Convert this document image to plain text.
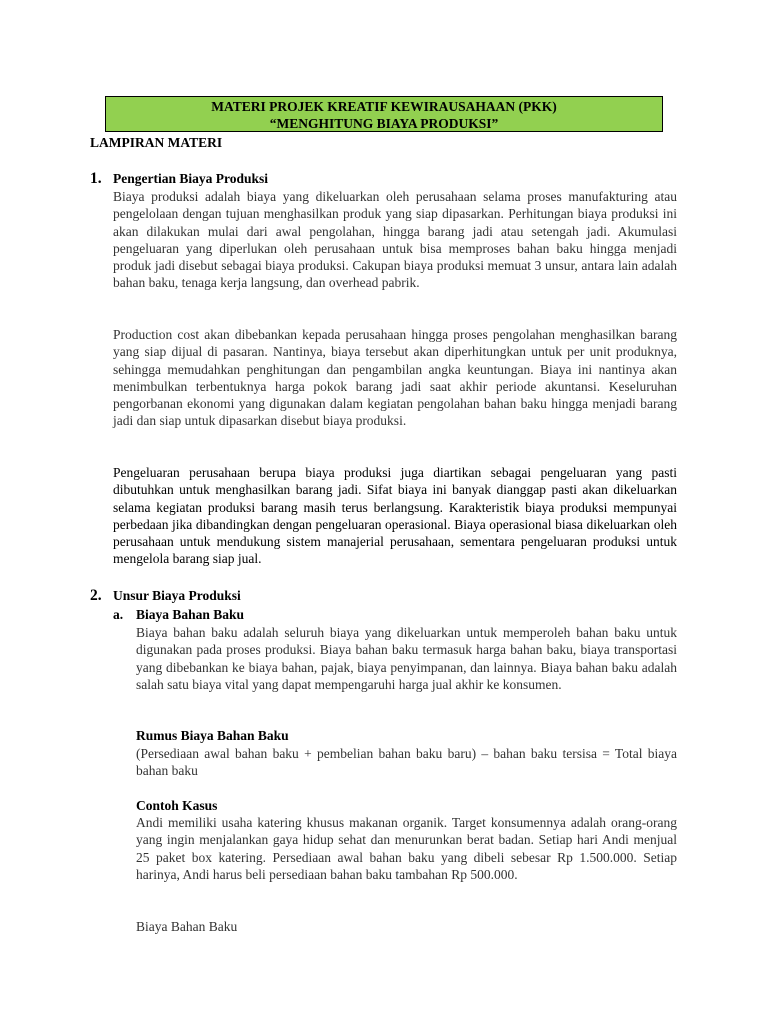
MATERI PROJEK KREATIF KEWIRAUSAHAAN (PKK)
“MENGHITUNG BIAYA PRODUKSI”
LAMPIRAN MATERI
1. Pengertian Biaya Produksi
Biaya produksi adalah biaya yang dikeluarkan oleh perusahaan selama proses manufakturing atau pengelolaan dengan tujuan menghasilkan produk yang siap dipasarkan. Perhitungan biaya produksi ini akan dilakukan mulai dari awal pengolahan, hingga barang jadi atau setengah jadi. Akumulasi pengeluaran yang diperlukan oleh perusahaan untuk bisa memproses bahan baku hingga menjadi produk jadi disebut sebagai biaya produksi. Cakupan biaya produksi memuat 3 unsur, antara lain adalah bahan baku, tenaga kerja langsung, dan overhead pabrik.
Production cost akan dibebankan kepada perusahaan hingga proses pengolahan menghasilkan barang yang siap dijual di pasaran. Nantinya, biaya tersebut akan diperhitungkan untuk per unit produknya, sehingga memudahkan penghitungan dan pengambilan angka keuntungan. Biaya ini nantinya akan menimbulkan terbentuknya harga pokok barang jadi saat akhir periode akuntansi. Keseluruhan pengorbanan ekonomi yang digunakan dalam kegiatan pengolahan bahan baku hingga menjadi barang jadi dan siap untuk dipasarkan disebut biaya produksi.
Pengeluaran perusahaan berupa biaya produksi juga diartikan sebagai pengeluaran yang pasti dibutuhkan untuk menghasilkan barang jadi. Sifat biaya ini banyak dianggap pasti akan dikeluarkan selama kegiatan produksi barang masih terus berlangsung. Karakteristik biaya produksi mempunyai perbedaan jika dibandingkan dengan pengeluaran operasional. Biaya operasional biasa dikeluarkan oleh perusahaan untuk mendukung sistem manajerial perusahaan, sementara pengeluaran produksi untuk mengelola barang siap jual.
2. Unsur Biaya Produksi
a. Biaya Bahan Baku
Biaya bahan baku adalah seluruh biaya yang dikeluarkan untuk memperoleh bahan baku untuk digunakan pada proses produksi. Biaya bahan baku termasuk harga bahan baku, biaya transportasi yang dibebankan ke biaya bahan, pajak, biaya penyimpanan, dan lainnya. Biaya bahan baku adalah salah satu biaya vital yang dapat mempengaruhi harga jual akhir ke konsumen.
Rumus Biaya Bahan Baku
(Persediaan awal bahan baku + pembelian bahan baku baru) – bahan baku tersisa = Total biaya bahan baku
Contoh Kasus
Andi memiliki usaha katering khusus makanan organik. Target konsumennya adalah orang-orang yang ingin menjalankan gaya hidup sehat dan menurunkan berat badan. Setiap hari Andi menjual 25 paket box katering. Persediaan awal bahan baku yang dibeli sebesar Rp 1.500.000. Setiap harinya, Andi harus beli persediaan bahan baku tambahan Rp 500.000.
Biaya Bahan Baku
